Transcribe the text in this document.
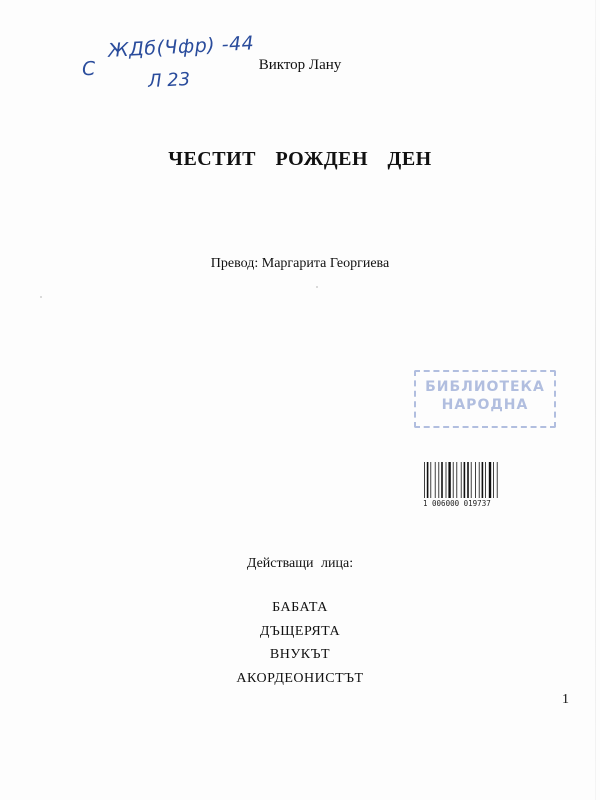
ЖДб(Чфр) -44
С	Л 23
Виктор Лану
ЧЕСТИТ РОЖДЕН ДЕН
Превод: Маргарита Георгиева
БИБЛИОТЕКА
НАРОДНА
1 006000 019737
Действащи лица:
БАБАТА
ДЪЩЕРЯТА
ВНУКЪТ
АКОРДЕОНИСТЪТ
1
